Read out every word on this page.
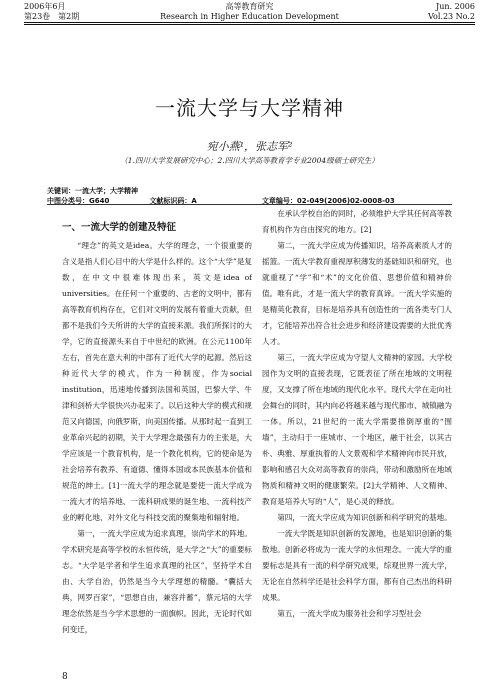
2006年6月
第23卷　第2期
高等教育研究
Research in Higher Education Development
Jun. 2006
Vol.23 No.2
一流大学与大学精神
宛小燕¹，张志军²
（1.四川大学发展研究中心；2.四川大学高等教育学专业2004级硕士研究生）
关键词：一流大学；大学精神
中图分类号：G640	文献标识码：A	文章编号：02-049(2006)02-0008-03
一、一流大学的创建及特征

“理念”的英文是idea。大学的理念，一个很重要的含义是指人们心目中的大学是什么样的。这个“大学”是复数，在中文中很难体现出来，英文是idea of universities。在任何一个重要的、古老的文明中，都有高等教育机构存在，它们对文明的发展有着重大贡献，但都不是我们今天所讲的大学的直接来源。我们所探讨的大学，它的直接源头来自于中世纪的欧洲。在公元1100年左右，首先在意大利的中部有了近代大学的起源。然后这种近代大学的模式，作为一种制度，作为social institution，迅速地传播到法国和英国，巴黎大学、牛津和剑桥大学很快兴办起来了。以后这种大学的模式和规范又向德国，向俄罗斯，向美国传播。从那时起一直到工业革命兴起的初期，关于大学理念最强有力的主张是，大学应该是一个教育机构，是一个教化机构，它的使命是为社会培养有教养、有道德、懂得本国或本民族基本价值和规范的绅士。[1]一流大学的理念就是要使一流大学成为一流大才的培养地、一流科研成果的诞生地、一流科技产业的孵化地、对外文化与科技交流的聚集地和辐射地。

第一，一流大学应成为追求真理，崇尚学术的阵地。学术研究是高等学校的永恒传统，是大学之“大”的重要标志。“大学是学者和学生追求真理的社区”，坚持学术自由、大学自治，仍然是当今大学理想的精髓。“囊括大典，网罗百家”，“思想自由，兼容并蓄”，蔡元培的大学理念依然是当今学术思想的一面旗帜。因此，无论时代如何变迁，

在承认学校自治的同时，必须维护大学其任何高等教育机构作为自由探究的地方。[2]

第二，一流大学应成为传播知识，培养高素质人才的摇篮。一流大学教育重视厚积薄发的基础知识和研究，也就重视了“学”和“术”的文化价值、思想价值和精神价值。唯有此，才是一流大学的教育真谛。一流大学实施的是精英化教育，目标是培养具有创造性的一流各类专门人才，它能培养出符合社会进步和经济建设需要的大批优秀人才。

第三，一流大学应成为守望人文精神的家园。大学校园作为文明的直接表现，它既表征了所在地域的文明程度，又支撑了所在地域的现代化水平。现代大学在走向社会舞台的同时，其内向必将越来越与现代都市、城镇融为一体。所以，21世纪的一流大学需要推倒厚重的“围墙”，主动归于一座城市、一个地区，融于社会，以其古朴、典雅、厚重执着的人文景观和学术精神向市民开放，影响和感召大众对高等教育的崇尚，带动和激励所在地域物质和精神文明的健康繁荣。[2]大学精神、人文精神、教育是培养大写的“人”，是心灵的释放。

第四，一流大学应成为知识创新和科学研究的基地。

一流大学既是知识创新的发源地，也是知识创新的集散地。创新必将成为一流大学的永恒理念。一流大学的重要标志是具有一流的科学研究成果，综观世界一流大学，无论在自然科学还是社会科学方面，都有自己杰出的科研成果。

第五，一流大学成为服务社会和学习型社会

8
